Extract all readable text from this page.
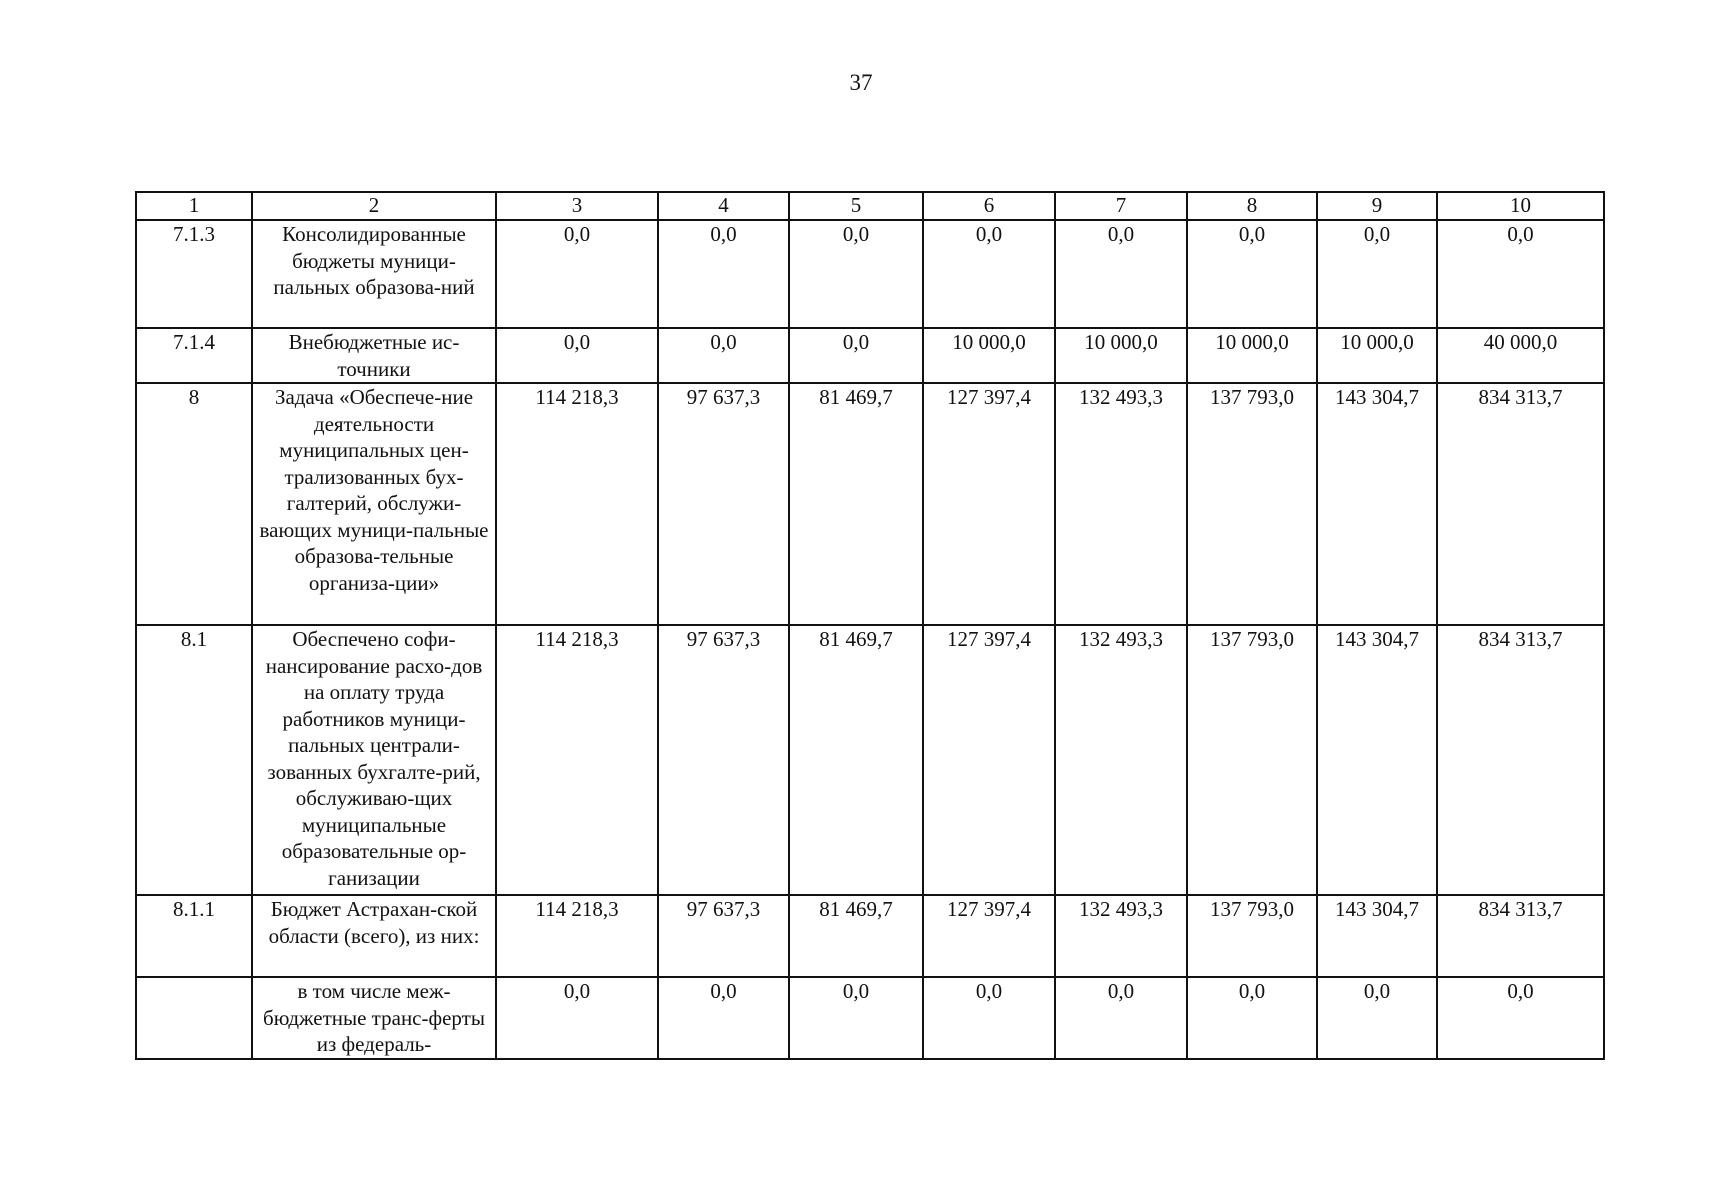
37
1	2	3	4	5	6	7	8	9	10
7.1.3	Консолидированные бюджеты муници-пальных образова-ний	0,0	0,0	0,0	0,0	0,0	0,0	0,0	0,0
7.1.4	Внебюджетные ис-точники	0,0	0,0	0,0	10 000,0	10 000,0	10 000,0	10 000,0	40 000,0
8	Задача «Обеспече-ние деятельности муниципальных цен-трализованных бух-галтерий, обслужи-вающих муници-пальные образова-тельные организа-ции»	114 218,3	97 637,3	81 469,7	127 397,4	132 493,3	137 793,0	143 304,7	834 313,7
8.1	Обеспечено софи-нансирование расхо-дов на оплату труда работников муници-пальных централи-зованных бухгалте-рий, обслуживаю-щих муниципальные образовательные ор-ганизации	114 218,3	97 637,3	81 469,7	127 397,4	132 493,3	137 793,0	143 304,7	834 313,7
8.1.1	Бюджет Астрахан-ской области (всего), из них:	114 218,3	97 637,3	81 469,7	127 397,4	132 493,3	137 793,0	143 304,7	834 313,7
	в том числе меж-бюджетные транс-ферты из федераль-	0,0	0,0	0,0	0,0	0,0	0,0	0,0	0,0
